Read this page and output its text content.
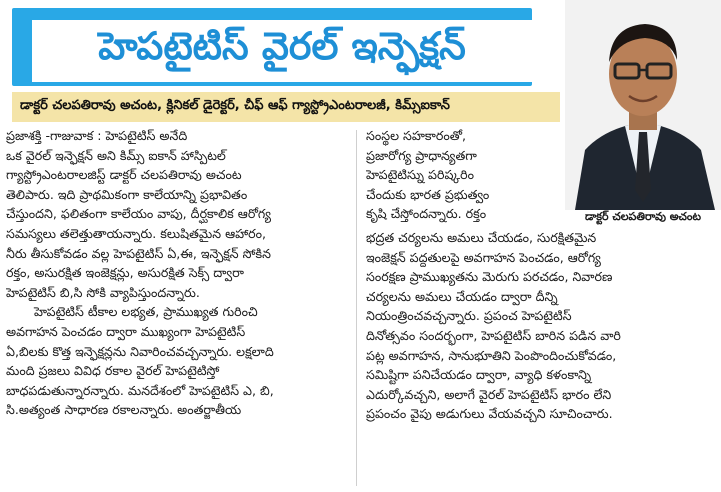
హెపటైటిస్ వైరల్ ఇన్ఫెక్షన్
డాక్టర్ చలపతిరావు అచంట, క్లినికల్ డైరెక్టర్, చీఫ్ ఆఫ్ గ్యాస్ట్రోఎంటరాలజీ, కిమ్స్ఐకాన్
డాక్టర్ చలపతిరావు అచంట
ప్రజాశక్తి -గాజువాక : హెపటైటిస్ అనేది
ఒక వైరల్ ఇన్ఫెక్షన్ అని కిమ్స్ ఐకాన్ హాస్పిటల్
గ్యాస్ట్రోఎంటరాలజిస్ట్ డాక్టర్ చలపతిరావు అచంట
తెలిపారు. ఇది ప్రాథమికంగా కాలేయాన్ని ప్రభావితం
చేస్తుందని, ఫలితంగా కాలేయం వాపు, దీర్ఘకాలిక ఆరోగ్య
సమస్యలు తలెత్తుతాయన్నారు. కలుషితమైన ఆహారం,
నీరు తీసుకోవడం వల్ల హెపటైటిస్ ఏ,ఈ, ఇన్ఫెక్షన్ సోకిన
రక్తం, అసురక్షిత ఇంజెక్షన్లు, అసురక్షిత సెక్స్ ద్వారా
హెపటైటిస్ బి,సి సోకి వ్యాపిస్తుందన్నారు.
హెపటైటిస్ టీకాల లభ్యత, ప్రాముఖ్యత గురించి
అవగాహన పెంచడం ద్వారా ముఖ్యంగా హెపటైటిస్
ఏ,బిలకు కొత్త ఇన్ఫెక్షన్లను నివారించవచ్చన్నారు. లక్షలాది
మంది ప్రజలు వివిధ రకాల వైరల్ హెపటైటిస్తో
బాధపడుతున్నారన్నారు. మనదేశంలో హెపటైటిస్ ఎ, బి,
సి.అత్యంత సాధారణ రకాలన్నారు. అంతర్జాతీయ
సంస్థల సహకారంతో,
ప్రజారోగ్య ప్రాధాన్యతగా
హెపటైటిస్ను పరిష్కరిం
చేందుకు భారత ప్రభుత్వం
కృషి చేస్తోందన్నారు. రక్తం
భద్రత చర్యలను అమలు చేయడం, సురక్షితమైన
ఇంజెక్షన్ పద్ధతులపై అవగాహన పెంచడం, ఆరోగ్య
సంరక్షణ ప్రాముఖ్యతను మెరుగు పరచడం, నివారణ
చర్యలను అమలు చేయడం ద్వారా దీన్ని
నియంత్రించవచ్చన్నారు. ప్రపంచ హెపటైటిస్
దినోత్సవం సందర్భంగా, హెపటైటిస్ బారిన పడిన వారి
పట్ల అవగాహన, సానుభూతిని పెంపొందించుకోవడం,
సమిష్టిగా పనిచేయడం ద్వారా, వ్యాధి కళంకాన్ని
ఎదుర్కోవచ్చని, అలాగే వైరల్ హెపటైటిస్ భారం లేని
ప్రపంచం వైపు అడుగులు వేయవచ్చని సూచించారు.
